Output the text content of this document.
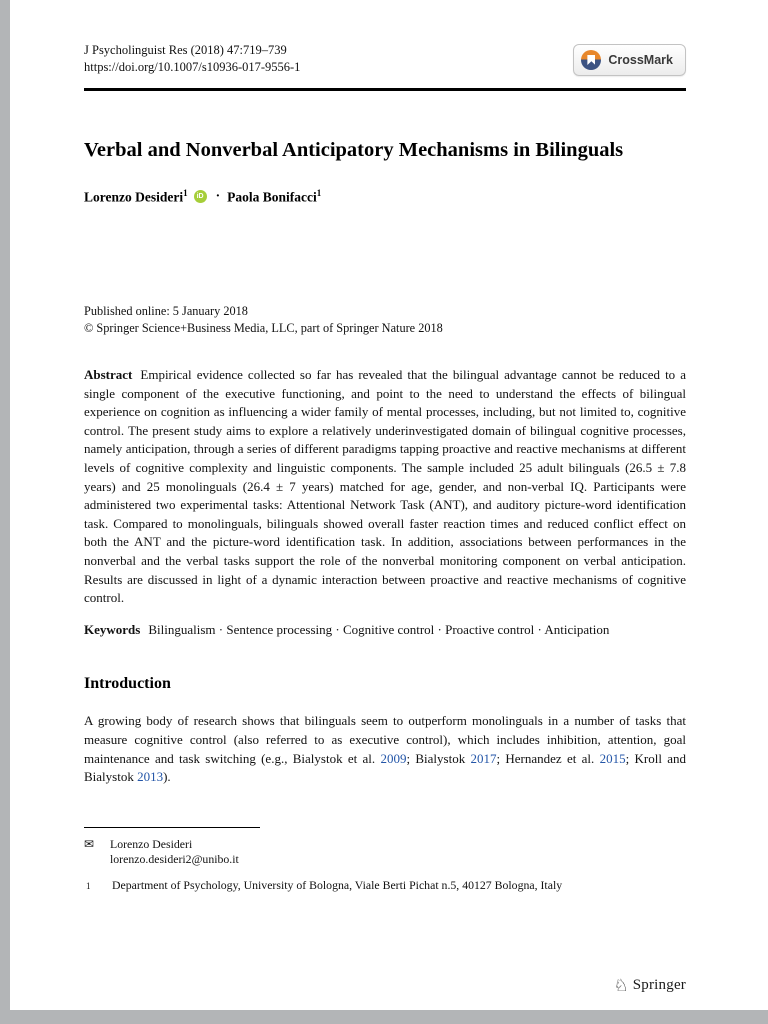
J Psycholinguist Res (2018) 47:719–739
https://doi.org/10.1007/s10936-017-9556-1	CrossMark
Verbal and Nonverbal Anticipatory Mechanisms in Bilinguals
Lorenzo Desideri$^1$	iD · Paola Bonifacci$^1$
Published online: 5 January 2018
© Springer Science+Business Media, LLC, part of Springer Nature 2018

Abstract Empirical evidence collected so far has revealed that the bilingual advantage cannot be reduced to a single component of the executive functioning, and point to the need to understand the effects of bilingual experience on cognition as influencing a wider family of mental processes, including, but not limited to, cognitive control. The present study aims to explore a relatively underinvestigated domain of bilingual cognitive processes, namely anticipation, through a series of different paradigms tapping proactive and reactive mechanisms at different levels of cognitive complexity and linguistic components. The sample included 25 adult bilinguals (26.5 ± 7.8 years) and 25 monolinguals (26.4 ± 7 years) matched for age, gender, and non-verbal IQ. Participants were administered two experimental tasks: Attentional Network Task (ANT), and auditory picture-word identification task. Compared to monolinguals, bilinguals showed overall faster reaction times and reduced conflict effect on both the ANT and the picture-word identification task. In addition, associations between performances in the nonverbal and the verbal tasks support the role of the nonverbal monitoring component on verbal anticipation. Results are discussed in light of a dynamic interaction between proactive and reactive mechanisms of cognitive control.

Keywords Bilingualism · Sentence processing · Cognitive control · Proactive control · Anticipation

Introduction

A growing body of research shows that bilinguals seem to outperform monolinguals in a number of tasks that measure cognitive control (also referred to as executive control), which includes inhibition, attention, goal maintenance and task switching (e.g., Bialystok et al. 2009; Bialystok 2017; Hernandez et al. 2015; Kroll and Bialystok 2013).

✉	Lorenzo Desideri
lorenzo.desideri2@unibo.it
1	Department of Psychology, University of Bologna, Viale Berti Pichat n.5, 40127 Bologna, Italy
♘ Springer
